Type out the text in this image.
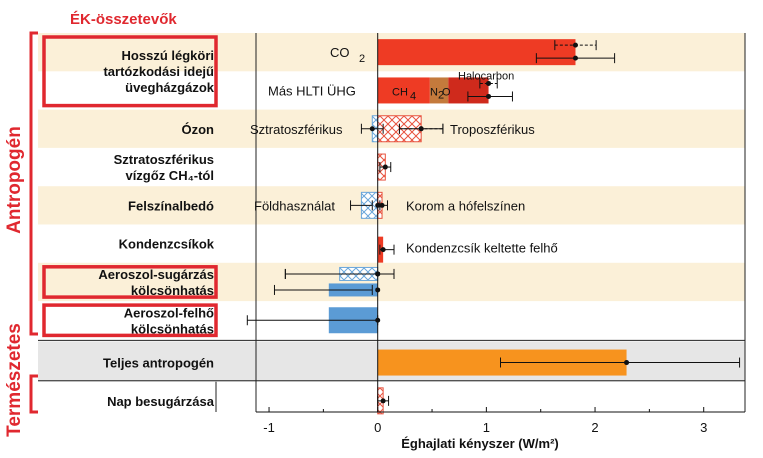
Hosszú légköri
tartózkodási idejű
üvegházgázok
Ózon
Sztratoszférikus
vízgőz CH₄-tól
Felszínalbedó
Kondenzcsíkok
Aeroszol-sugárzás
kölcsönhatás
Aeroszol-felhő
kölcsönhatás
Teljes antropogén
Nap besugárzása
CO 2
Más HLTI ÜHG	CH 4 N 2
O
Halocarbon
Sztratoszférikus	Troposzférikus
Földhasználat	Korom a hófelszínen
Kondenzcsík keltette felhő
-1	0	1	2	3
Éghajlati kényszer (W/m²)
ÉK-összetevők
Antropogén
Természetes
